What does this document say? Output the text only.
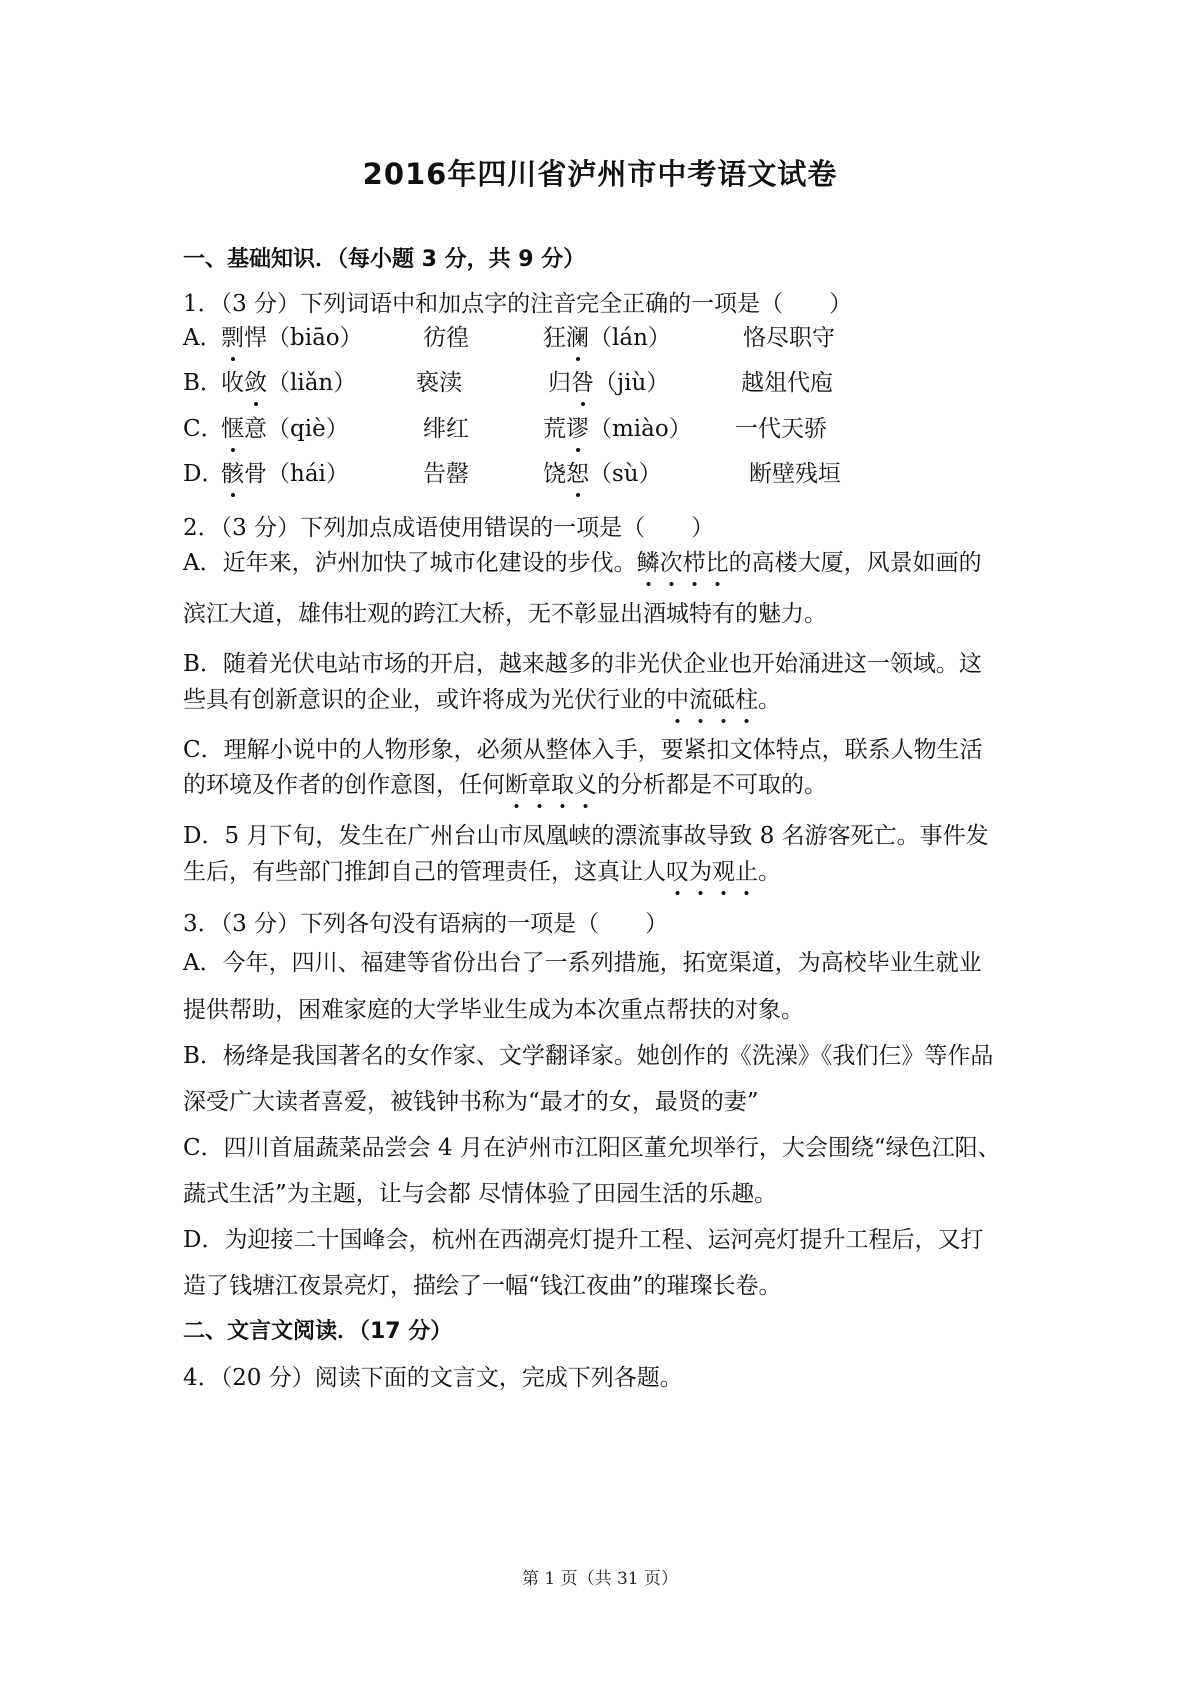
2016年四川省泸州市中考语文试卷
一、基础知识．（每小题 3 分，共 9 分）
1．（3 分）下列词语中和加点字的注音完全正确的一项是（　　）
A．
剽悍（biāo）	彷徨	狂澜（lán）	恪尽职守
B．
收敛（liǎn）	亵渎	归咎（jiù）	越俎代庖
C．
惬意（qiè）	绯红	荒谬（miào） 一代天骄
D．
骸骨（hái）	告罄	饶恕（sù）	断壁残垣
2．（3 分）下列加点成语使用错误的一项是（　　）
A．近年来，泸州加快了城市化建设的步伐。鳞次栉比的高楼大厦，风景如画的
滨江大道，雄伟壮观的跨江大桥，无不彰显出酒城特有的魅力。
B．随着光伏电站市场的开启，越来越多的非光伏企业也开始涌进这一领域。这
些具有创新意识的企业，或许将成为光伏行业的中流砥柱。
C．理解小说中的人物形象，必须从整体入手，要紧扣文体特点，联系人物生活
的环境及作者的创作意图，任何断章取义的分析都是不可取的。
D．5 月下旬，发生在广州台山市凤凰峡的漂流事故导致 8 名游客死亡。事件发
生后，有些部门推卸自己的管理责任，这真让人叹为观止。
3．（3 分）下列各句没有语病的一项是（　　）
A．今年，四川、福建等省份出台了一系列措施，拓宽渠道，为高校毕业生就业
提供帮助，困难家庭的大学毕业生成为本次重点帮扶的对象。
B．杨绛是我国著名的女作家、文学翻译家。她创作的《洗澡》《我们仨》等作品
深受广大读者喜爱，被钱钟书称为“最才的女，最贤的妻”
C．四川首届蔬菜品尝会 4 月在泸州市江阳区董允坝举行，大会围绕“绿色江阳、
蔬式生活”为主题，让与会都 尽情体验了田园生活的乐趣。
D．为迎接二十国峰会，杭州在西湖亮灯提升工程、运河亮灯提升工程后，又打
造了钱塘江夜景亮灯，描绘了一幅“钱江夜曲”的璀璨长卷。
二、文言文阅读．（17 分）
4．（20 分）阅读下面的文言文，完成下列各题。
第 1 页（共 31 页）
